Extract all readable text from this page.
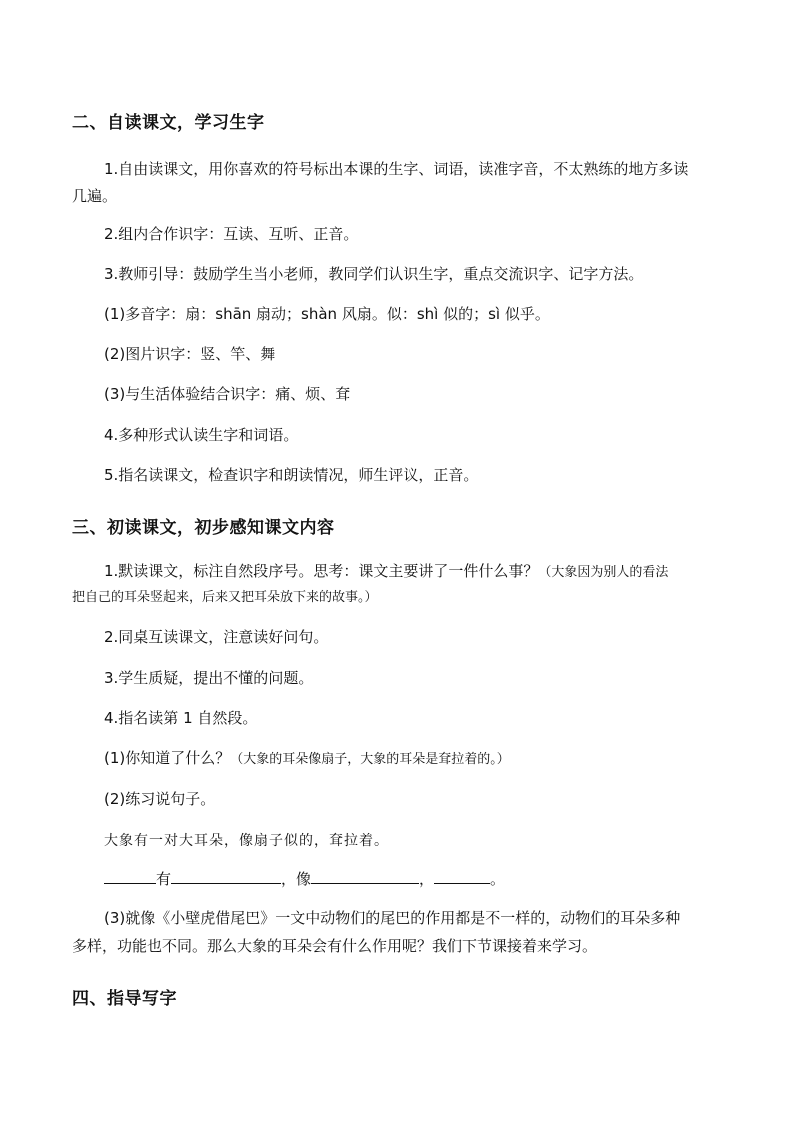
二、自读课文，学习生字
1.自由读课文，用你喜欢的符号标出本课的生字、词语，读准字音，不太熟练的地方多读
几遍。
2.组内合作识字：互读、互听、正音。
3.教师引导：鼓励学生当小老师，教同学们认识生字，重点交流识字、记字方法。
(1)多音字：扇：shān 扇动；shàn 风扇。似：shì 似的；sì 似乎。
(2)图片识字：竖、竿、舞
(3)与生活体验结合识字：痛、烦、耷
4.多种形式认读生字和词语。
5.指名读课文，检查识字和朗读情况，师生评议，正音。
三、初读课文，初步感知课文内容
1.默读课文，标注自然段序号。思考：课文主要讲了一件什么事？（大象因为别人的看法
把自己的耳朵竖起来，后来又把耳朵放下来的故事。）
2.同桌互读课文，注意读好问句。
3.学生质疑，提出不懂的问题。
4.指名读第 1 自然段。
(1)你知道了什么？（大象的耳朵像扇子，大象的耳朵是耷拉着的。）
(2)练习说句子。
大象有一对大耳朵，像扇子似的，耷拉着。
有	，像	，	。
(3)就像《小壁虎借尾巴》一文中动物们的尾巴的作用都是不一样的，动物们的耳朵多种
多样，功能也不同。那么大象的耳朵会有什么作用呢？我们下节课接着来学习。
四、指导写字
